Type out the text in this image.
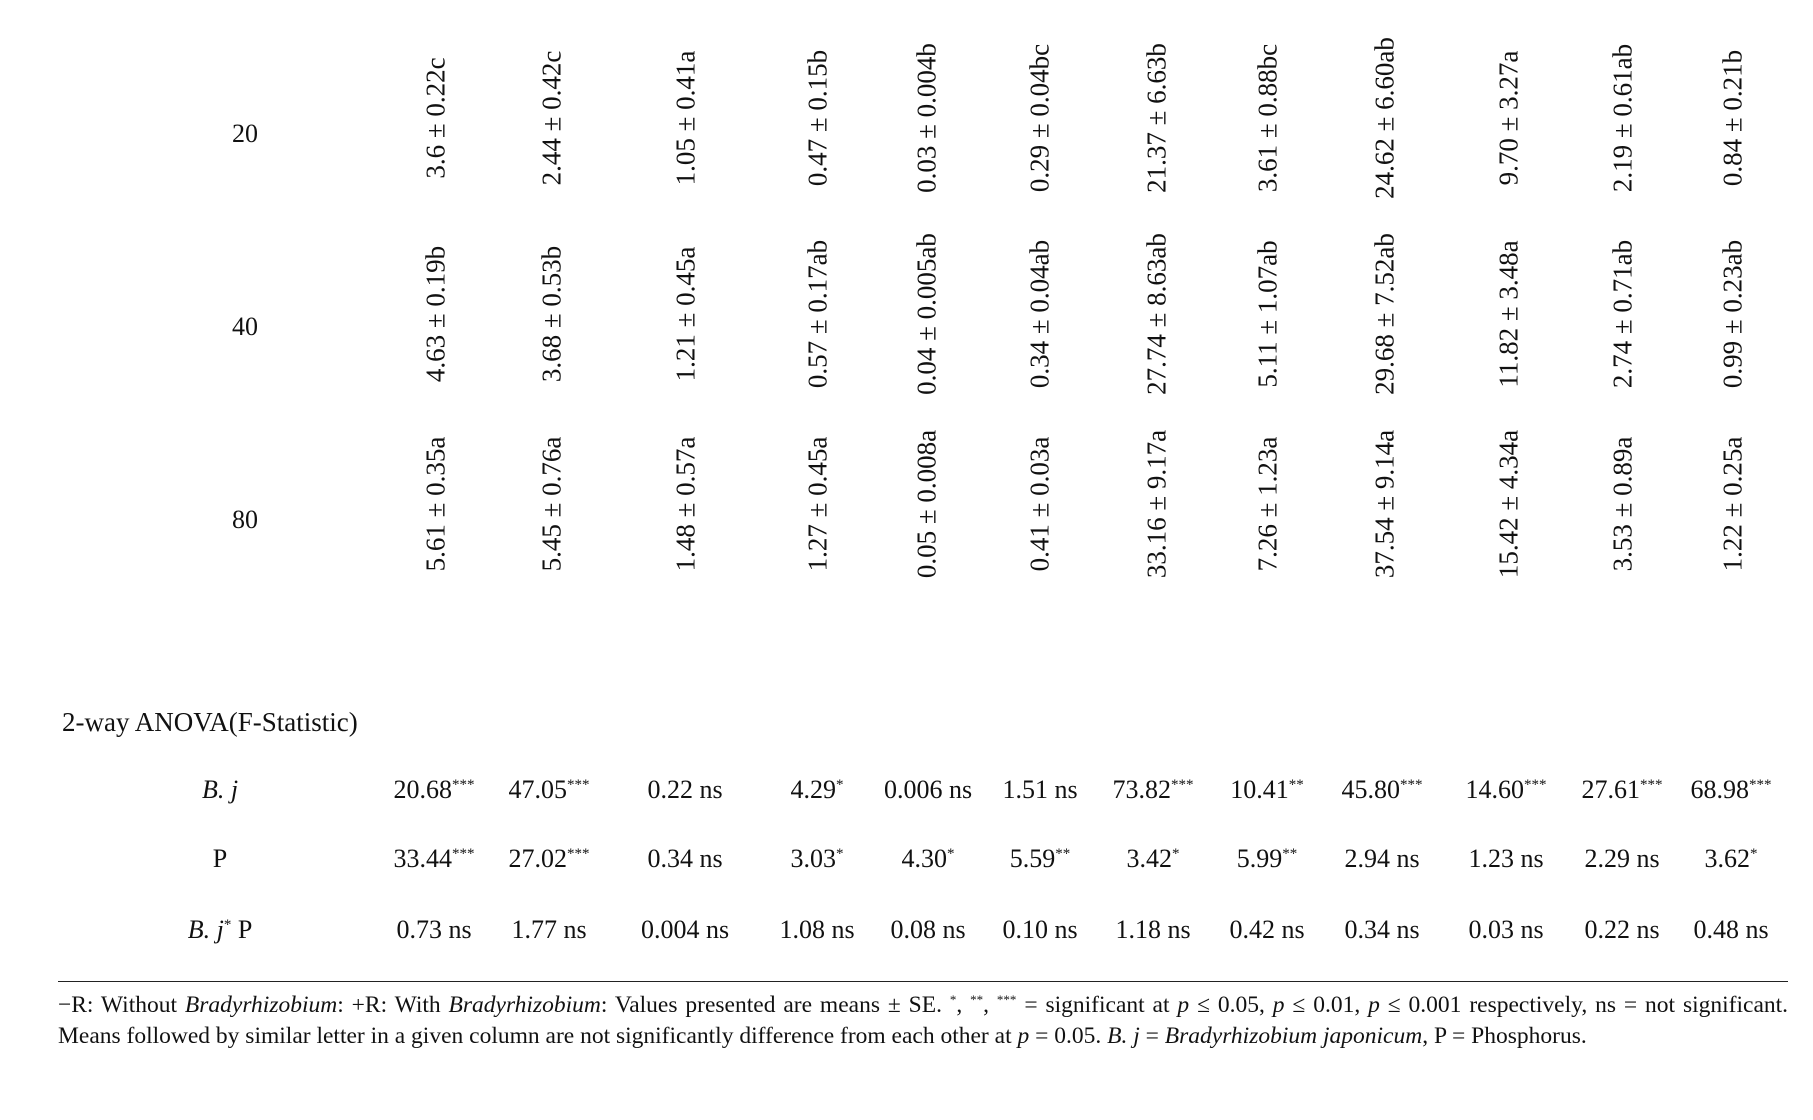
20	3.6 ± 0.22c	2.44 ± 0.42c	1.05 ± 0.41a	0.47 ± 0.15b	0.03 ± 0.004b	0.29 ± 0.04bc	21.37 ± 6.63b	3.61 ± 0.88bc	24.62 ± 6.60ab	9.70 ± 3.27a	2.19 ± 0.61ab	0.84 ± 0.21b
40	4.63 ± 0.19b	3.68 ± 0.53b	1.21 ± 0.45a	0.57 ± 0.17ab	0.04 ± 0.005ab	0.34 ± 0.04ab	27.74 ± 8.63ab	5.11 ± 1.07ab	29.68 ± 7.52ab	11.82 ± 3.48a	2.74 ± 0.71ab	0.99 ± 0.23ab
80	5.61 ± 0.35a	5.45 ± 0.76a	1.48 ± 0.57a	1.27 ± 0.45a	0.05 ± 0.008a	0.41 ± 0.03a	33.16 ± 9.17a	7.26 ± 1.23a	37.54 ± 9.14a	15.42 ± 4.34a	3.53 ± 0.89a	1.22 ± 0.25a
B. j	20.68*** 47.05*** 0.22 ns	4.29* 0.006 ns 1.51 ns 73.82*** 10.41** 45.80*** 14.60*** 27.61*** 68.98***
P	33.44*** 27.02*** 0.34 ns	3.03* 4.30* 5.59** 3.42* 5.99** 2.94 ns 1.23 ns 2.29 ns 3.62*
B. j* P	0.73 ns 1.77 ns 0.004 ns 1.08 ns 0.08 ns 0.10 ns 1.18 ns 0.42 ns 0.34 ns 0.03 ns 0.22 ns 0.48 ns
2-way ANOVA(F-Statistic)
−R: Without Bradyrhizobium: +R: With Bradyrhizobium: Values presented are means ± SE. *, **, *** = significant at p ≤ 0.05, p ≤ 0.01, p ≤ 0.001 respectively, ns = not significant. Means followed by similar letter in a given column are not significantly difference from each other at p = 0.05. B. j = Bradyrhizobium japonicum, P = Phosphorus.
